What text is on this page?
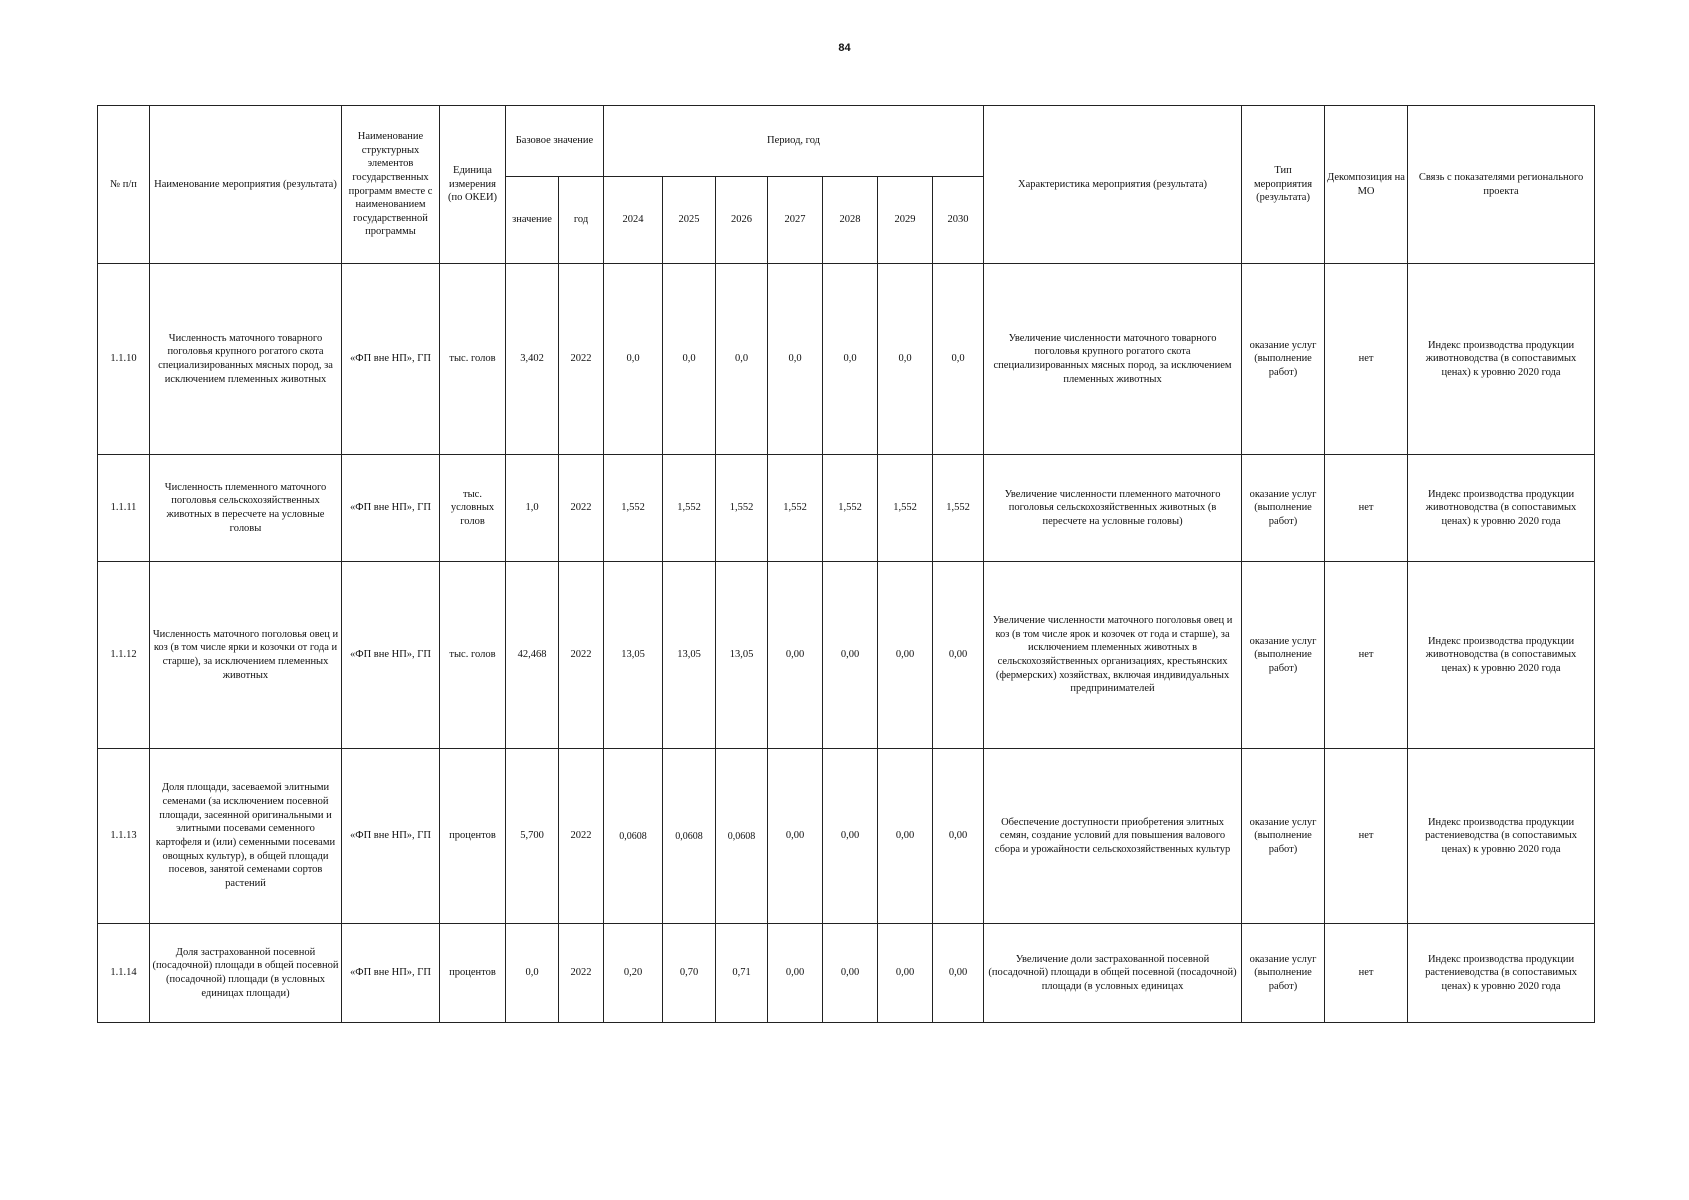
84
№ п/п	Наименование мероприятия (результата)	Наименование структурных элементов государственных программ вместе с наименованием государственной программы	Единица измерения (по ОКЕИ)	Базовое значение		Период, год							Характеристика мероприятия (результата)	Тип мероприятия (результата)	Декомпозиция на МО	Связь с показателями регионального проекта
				значение	год	2024	2025	2026	2027	2028	2029	2030				
1.1.10	Численность маточного товарного поголовья крупного рогатого скота специализированных мясных пород, за исключением племенных животных	«ФП вне НП», ГП	тыс. голов	3,402	2022	0,0	0,0	0,0	0,0	0,0	0,0	0,0	Увеличение численности маточного товарного поголовья крупного рогатого скота специализированных мясных пород, за исключением племенных животных	оказание услуг (выполнение работ)	нет	Индекс производства продукции животноводства (в сопоставимых ценах) к уровню 2020 года
1.1.11	Численность племенного маточного поголовья сельскохозяйственных животных в пересчете на условные головы	«ФП вне НП», ГП	тыс. условных голов	1,0	2022	1,552	1,552	1,552	1,552	1,552	1,552	1,552	Увеличение численности племенного маточного поголовья сельскохозяйственных животных (в пересчете на условные головы)	оказание услуг (выполнение работ)	нет	Индекс производства продукции животноводства (в сопоставимых ценах) к уровню 2020 года
1.1.12	Численность маточного поголовья овец и коз (в том числе ярки и козочки от года и старше), за исключением племенных животных	«ФП вне НП», ГП	тыс. голов	42,468	2022	13,05	13,05	13,05	0,00	0,00	0,00	0,00	Увеличение численности маточного поголовья овец и коз (в том числе ярок и козочек от года и старше), за исключением племенных животных в сельскохозяйственных организациях, крестьянских (фермерских) хозяйствах, включая индивидуальных предпринимателей	оказание услуг (выполнение работ)	нет	Индекс производства продукции животноводства (в сопоставимых ценах) к уровню 2020 года
1.1.13	Доля площади, засеваемой элитными семенами (за исключением посевной площади, засеянной оригинальными и элитными посевами семенного картофеля и (или) семенными посевами овощных культур), в общей площади посевов, занятой семенами сортов растений	«ФП вне НП», ГП	процентов	5,700	2022	0,0608	0,0608	0,0608	0,00	0,00	0,00	0,00	Обеспечение доступности приобретения элитных семян, создание условий для повышения валового сбора и урожайности сельскохозяйственных культур	оказание услуг (выполнение работ)	нет	Индекс производства продукции растениеводства (в сопоставимых ценах) к уровню 2020 года
1.1.14	Доля застрахованной посевной (посадочной) площади в общей посевной (посадочной) площади (в условных единицах площади)	«ФП вне НП», ГП	процентов	0,0	2022	0,20	0,70	0,71	0,00	0,00	0,00	0,00	Увеличение доли застрахованной посевной (посадочной) площади в общей посевной (посадочной) площади (в условных единицах	оказание услуг (выполнение работ)	нет	Индекс производства продукции растениеводства (в сопоставимых ценах) к уровню 2020 года
